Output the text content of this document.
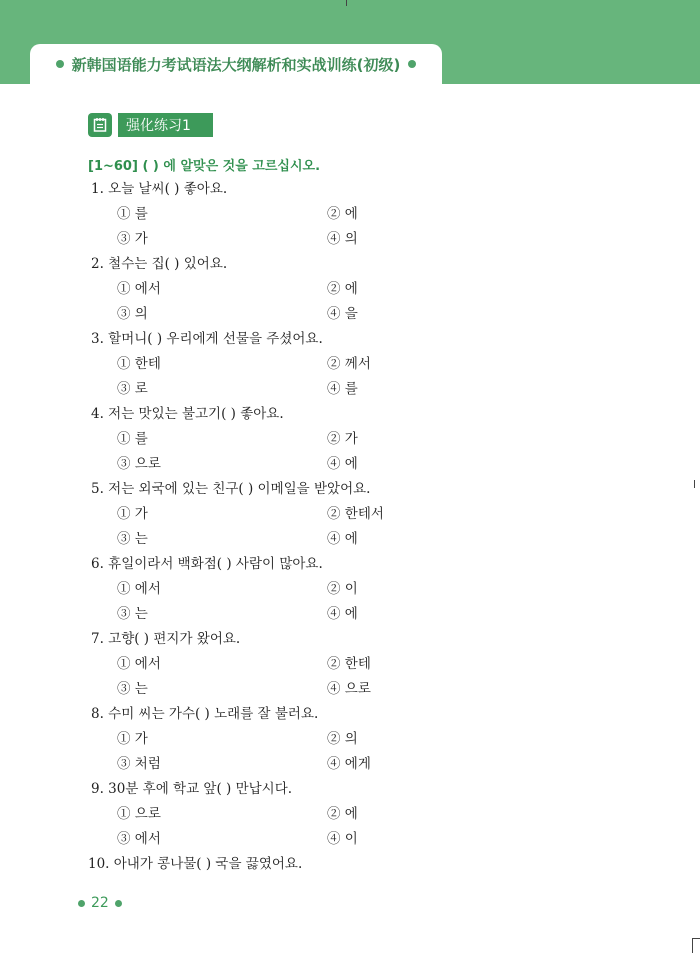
新韩国语能力考试语法大纲解析和实战训练(初级)
强化练习1
[1~60] ( ) 에 알맞은 것을 고르십시오.
1. 오늘 날씨( ) 좋아요.
① 를	② 에
③ 가	④ 의
2. 철수는 집( ) 있어요.
① 에서	② 에
③ 의	④ 을
3. 할머니( ) 우리에게 선물을 주셨어요.
① 한테	② 께서
③ 로	④ 를
4. 저는 맛있는 불고기( ) 좋아요.
① 를	② 가
③ 으로	④ 에
5. 저는 외국에 있는 친구( ) 이메일을 받았어요.
① 가	② 한테서
③ 는	④ 에
6. 휴일이라서 백화점( ) 사람이 많아요.
① 에서	② 이
③ 는	④ 에
7. 고향( ) 편지가 왔어요.
① 에서	② 한테
③ 는	④ 으로
8. 수미 씨는 가수( ) 노래를 잘 불러요.
① 가	② 의
③ 처럼	④ 에게
9. 30분 후에 학교 앞( ) 만납시다.
① 으로	② 에
③ 에서	④ 이
10. 아내가 콩나물( ) 국을 끓였어요.
22
